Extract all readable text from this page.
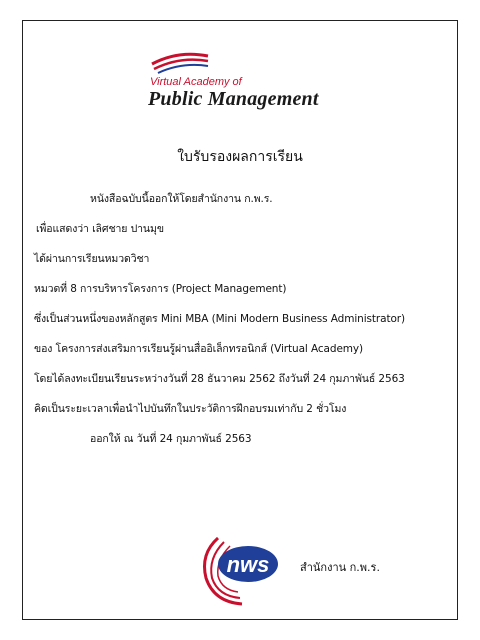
Virtual Academy of
Public Management
ใบรับรองผลการเรียน
หนังสือฉบับนี้ออกให้โดยสำนักงาน ก.พ.ร.
เพื่อแสดงว่า เลิศชาย ปานมุข
ได้ผ่านการเรียนหมวดวิชา
หมวดที่ 8 การบริหารโครงการ (Project Management)
ซึ่งเป็นส่วนหนึ่งของหลักสูตร Mini MBA (Mini Modern Business Administrator)
ของ โครงการส่งเสริมการเรียนรู้ผ่านสื่ออิเล็กทรอนิกส์ (Virtual Academy)
โดยได้ลงทะเบียนเรียนระหว่างวันที่ 28 ธันวาคม 2562 ถึงวันที่ 24 กุมภาพันธ์ 2563
คิดเป็นระยะเวลาเพื่อนำไปบันทึกในประวัติการฝึกอบรมเท่ากับ 2 ชั่วโมง
ออกให้ ณ วันที่ 24 กุมภาพันธ์ 2563
nws	สำนักงาน ก.พ.ร.
